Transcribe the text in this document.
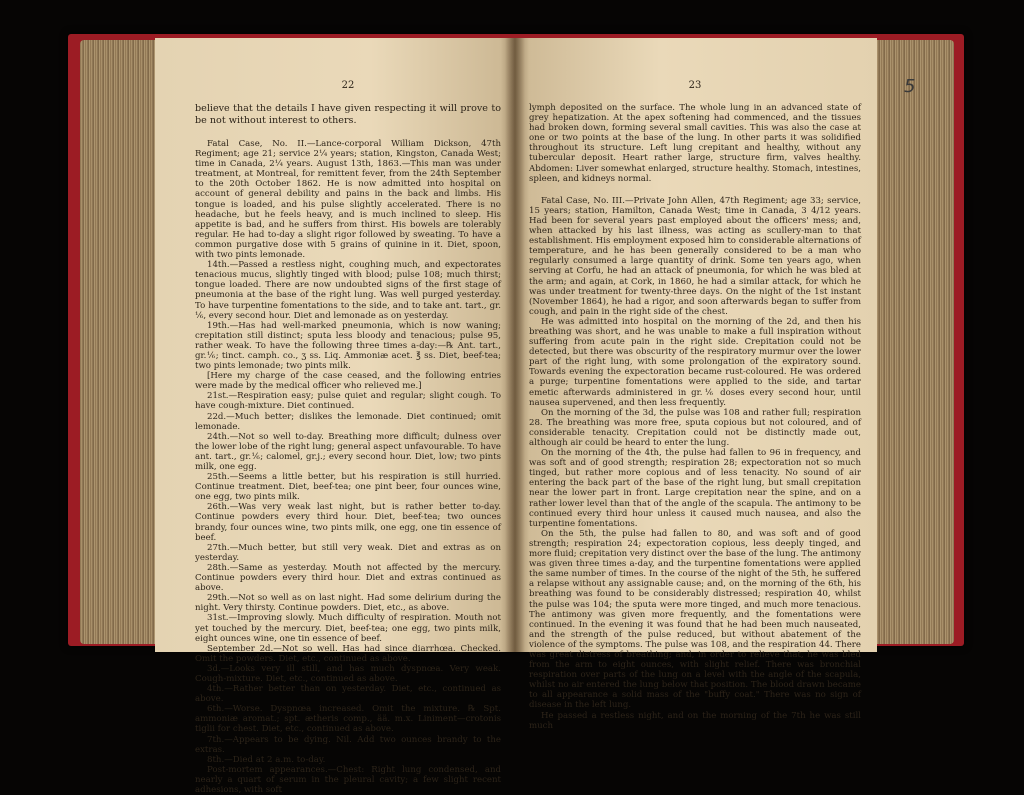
22

believe that the details I have given respecting it will prove to be not without interest to others.

Fatal Case, No. II.—Lance-corporal William Dickson, 47th Regiment; age 21; service 2¼ years; station, Kingston, Canada West; time in Canada, 2¼ years. August 13th, 1863.—This man was under treatment, at Montreal, for remittent fever, from the 24th September to the 20th October 1862. He is now admitted into hospital on account of general debility and pains in the back and limbs. His tongue is loaded, and his pulse slightly accelerated. There is no headache, but he feels heavy, and is much inclined to sleep. His appetite is bad, and he suffers from thirst. His bowels are tolerably regular. He had to-day a slight rigor followed by sweating. To have a common purgative dose with 5 grains of quinine in it. Diet, spoon, with two pints lemonade.

14th.—Passed a restless night, coughing much, and expectorates tenacious mucus, slightly tinged with blood; pulse 108; much thirst; tongue loaded. There are now undoubted signs of the first stage of pneumonia at the base of the right lung. Was well purged yesterday. To have turpentine fomentations to the side, and to take ant. tart., gr. ⅙, every second hour. Diet and lemonade as on yesterday.

19th.—Has had well-marked pneumonia, which is now waning; crepitation still distinct; sputa less bloody and tenacious; pulse 95, rather weak. To have the following three times a-day:—℞ Ant. tart., gr.⅙; tinct. camph. co., ʒ ss. Liq. Ammoniæ acet. ℥ ss. Diet, beef-tea; two pints lemonade; two pints milk.

[Here my charge of the case ceased, and the following entries were made by the medical officer who relieved me.]

21st.—Respiration easy; pulse quiet and regular; slight cough. To have cough-mixture. Diet continued.

22d.—Much better; dislikes the lemonade. Diet continued; omit lemonade.

24th.—Not so well to-day. Breathing more difficult; dulness over the lower lobe of the right lung; general aspect unfavourable. To have ant. tart., gr.⅙; calomel, gr.j.; every second hour. Diet, low; two pints milk, one egg.

25th.—Seems a little better, but his respiration is still hurried. Continue treatment. Diet, beef-tea; one pint beer, four ounces wine, one egg, two pints milk.

26th.—Was very weak last night, but is rather better to-day. Continue powders every third hour. Diet, beef-tea; two ounces brandy, four ounces wine, two pints milk, one egg, one tin essence of beef.

27th.—Much better, but still very weak. Diet and extras as on yesterday.

28th.—Same as yesterday. Mouth not affected by the mercury. Continue powders every third hour. Diet and extras continued as above.

29th.—Not so well as on last night. Had some delirium during the night. Very thirsty. Continue powders. Diet, etc., as above.

31st.—Improving slowly. Much difficulty of respiration. Mouth not yet touched by the mercury. Diet, beef-tea; one egg, two pints milk, eight ounces wine, one tin essence of beef.

September 2d.—Not so well. Has had since diarrhœa. Checked. Omit the powders. Diet, etc., continued as above.

3d.—Looks very ill still, and has much dyspnœa. Very weak. Cough-mixture. Diet, etc., continued as above.

4th.—Rather better than on yesterday. Diet, etc., continued as above.

6th.—Worse. Dyspnœa increased. Omit the mixture. ℞ Spt. ammoniæ aromat.; spt. ætheris comp., ää. m.x. Liniment—crotonis tiglii for chest. Diet, etc., continued as above.

7th.—Appears to be dying. Nil. Add two ounces brandy to the extras.

8th.—Died at 2 a.m. to-day.

Post-mortem appearances.—Chest: Right lung condensed, and nearly a quart of serum in the pleural cavity; a few slight recent adhesions, with soft

23

lymph deposited on the surface. The whole lung in an advanced state of grey hepatization. At the apex softening had commenced, and the tissues had broken down, forming several small cavities. This was also the case at one or two points at the base of the lung. In other parts it was solidified throughout its structure. Left lung crepitant and healthy, without any tubercular deposit. Heart rather large, structure firm, valves healthy. Abdomen: Liver somewhat enlarged, structure healthy. Stomach, intestines, spleen, and kidneys normal.

Fatal Case, No. III.—Private John Allen, 47th Regiment; age 33; service, 15 years; station, Hamilton, Canada West; time in Canada, 3 4/12 years. Had been for several years past employed about the officers' mess; and, when attacked by his last illness, was acting as scullery-man to that establishment. His employment exposed him to considerable alternations of temperature, and he has been generally considered to be a man who regularly consumed a large quantity of drink. Some ten years ago, when serving at Corfu, he had an attack of pneumonia, for which he was bled at the arm; and again, at Cork, in 1860, he had a similar attack, for which he was under treatment for twenty-three days. On the night of the 1st instant (November 1864), he had a rigor, and soon afterwards began to suffer from cough, and pain in the right side of the chest.

He was admitted into hospital on the morning of the 2d, and then his breathing was short, and he was unable to make a full inspiration without suffering from acute pain in the right side. Crepitation could not be detected, but there was obscurity of the respiratory murmur over the lower part of the right lung, with some prolongation of the expiratory sound. Towards evening the expectoration became rust-coloured. He was ordered a purge; turpentine fomentations were applied to the side, and tartar emetic afterwards administered in gr.⅙ doses every second hour, until nausea supervened, and then less frequently.

On the morning of the 3d, the pulse was 108 and rather full; respiration 28. The breathing was more free, sputa copious but not coloured, and of considerable tenacity. Crepitation could not be distinctly made out, although air could be heard to enter the lung.

On the morning of the 4th, the pulse had fallen to 96 in frequency, and was soft and of good strength; respiration 28; expectoration not so much tinged, but rather more copious and of less tenacity. No sound of air entering the back part of the base of the right lung, but small crepitation near the lower part in front. Large crepitation near the spine, and on a rather lower level than that of the angle of the scapula. The antimony to be continued every third hour unless it caused much nausea, and also the turpentine fomentations.

On the 5th, the pulse had fallen to 80, and was soft and of good strength; respiration 24; expectoration copious, less deeply tinged, and more fluid; crepitation very distinct over the base of the lung. The antimony was given three times a-day, and the turpentine fomentations were applied the same number of times. In the course of the night of the 5th, he suffered a relapse without any assignable cause; and, on the morning of the 6th, his breathing was found to be considerably distressed; respiration 40, whilst the pulse was 104; the sputa were more tinged, and much more tenacious. The antimony was given more frequently, and the fomentations were continued. In the evening it was found that he had been much nauseated, and the strength of the pulse reduced, but without abatement of the violence of the symptoms. The pulse was 108, and the respiration 44. There was great distress of breathing; and, in order to relieve that, he was bled from the arm to eight ounces, with slight relief. There was bronchial respiration over parts of the lung on a level with the angle of the scapula, whilst no air entered the lung below that position. The blood drawn became to all appearance a solid mass of the "buffy coat." There was no sign of disease in the left lung.

He passed a restless night, and on the morning of the 7th he was still much

5
